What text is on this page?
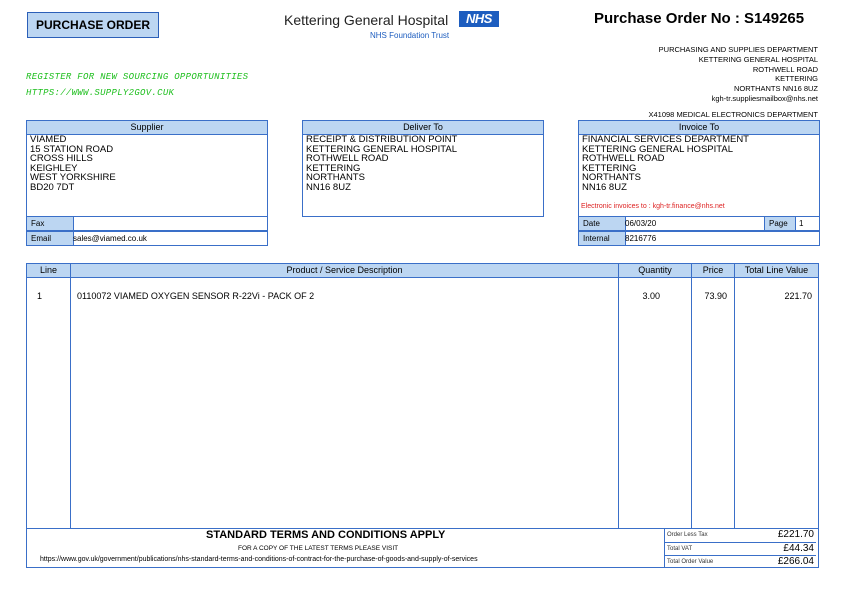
PURCHASE ORDER	Kettering General Hospital	NHS
NHS Foundation Trust
Purchase Order No : S149265
REGISTER FOR NEW SOURCING OPPORTUNITIES
HTTPS://WWW.SUPPLY2GOV.CUK
PURCHASING AND SUPPLIES DEPARTMENT
KETTERING GENERAL HOSPITAL
ROTHWELL ROAD
KETTERING
NORTHANTS NN16 8UZ
kgh-tr.suppliesmailbox@nhs.net
X41098 MEDICAL ELECTRONICS DEPARTMENT
Supplier
VIAMED
15 STATION ROAD
CROSS HILLS
KEIGHLEY
WEST YORKSHIRE
BD20 7DT
Fax
Email	sales@viamed.co.uk
Deliver To
RECEIPT & DISTRIBUTION POINT
KETTERING GENERAL HOSPITAL
ROTHWELL ROAD
KETTERING
NORTHANTS
NN16 8UZ
Invoice To
FINANCIAL SERVICES DEPARTMENT
KETTERING GENERAL HOSPITAL
ROTHWELL ROAD
KETTERING
NORTHANTS
NN16 8UZ
Electronic invoices to : kgh-tr.finance@nhs.net
Date	06/03/20	Page	1
Internal	8216776
Line	Product / Service Description	Quantity	Price	Total Line Value
1	0110072 VIAMED OXYGEN SENSOR R-22Vi - PACK OF 2	3.00	73.90	221.70
STANDARD TERMS AND CONDITIONS APPLY
FOR A COPY OF THE LATEST TERMS PLEASE VISIT
https://www.gov.uk/government/publications/nhs-standard-terms-and-conditions-of-contract-for-the-purchase-of-goods-and-supply-of-services
Order Less Tax	£221.70
Total VAT	£44.34
Total Order Value	£266.04
